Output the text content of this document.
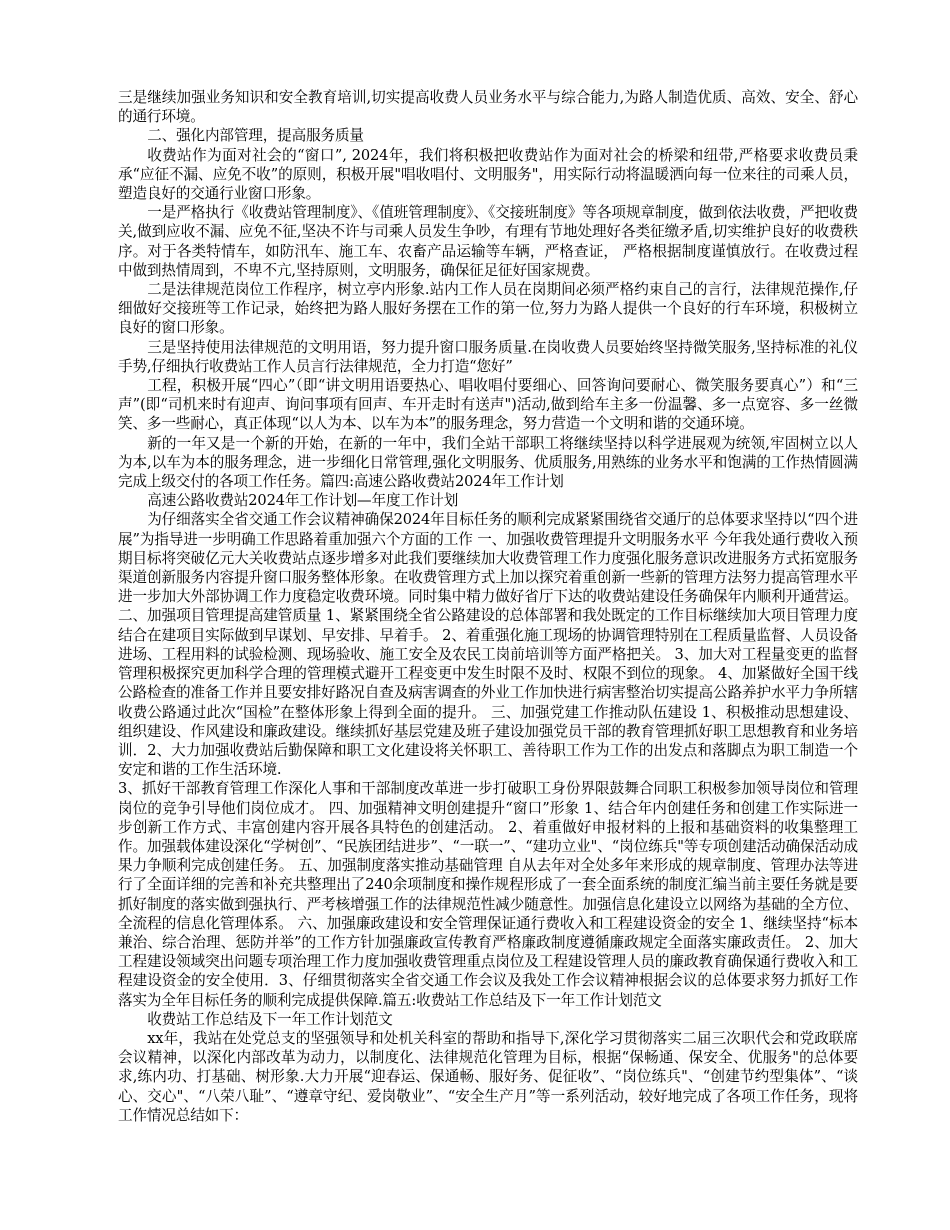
三是继续加强业务知识和安全教育培训,切实提高收费人员业务水平与综合能力,为路人制造优质、高效、安全、舒心的通行环境。

二、强化内部管理，提高服务质量

收费站作为面对社会的“窗口”, 2024年，我们将积极把收费站作为面对社会的桥梁和纽带,严格要求收费员秉承“应征不漏、应免不收”的原则，积极开展"唱收唱付、文明服务"，用实际行动将温暖洒向每一位来往的司乘人员，塑造良好的交通行业窗口形象。

一是严格执行《收费站管理制度》、《值班管理制度》、《交接班制度》等各项规章制度，做到依法收费，严把收费关,做到应收不漏、应免不征,坚决不许与司乘人员发生争吵，有理有节地处理好各类征缴矛盾,切实维护良好的收费秩序。对于各类特情车，如防汛车、施工车、农畜产品运输等车辆，严格查证， 严格根据制度谨慎放行。在收费过程中做到热情周到，不卑不亢,坚持原则，文明服务，确保征足征好国家规费。

二是法律规范岗位工作程序，树立亭内形象.站内工作人员在岗期间必须严格约束自己的言行，法律规范操作,仔细做好交接班等工作记录，始终把为路人服好务摆在工作的第一位,努力为路人提供一个良好的行车环境，积极树立良好的窗口形象。

三是坚持使用法律规范的文明用语，努力提升窗口服务质量.在岗收费人员要始终坚持微笑服务,坚持标准的礼仪手势,仔细执行收费站工作人员言行法律规范，全力打造“您好”

工程，积极开展“四心”（即“讲文明用语要热心、唱收唱付要细心、回答询问要耐心、微笑服务要真心”）和“三声”(即“司机来时有迎声、询问事项有回声、车开走时有送声")活动,做到给车主多一份温馨、多一点宽容、多一丝微笑、多一些耐心，真正体现“以人为本、以车为本”的服务理念，努力营造一个文明和谐的交通环境。

新的一年又是一个新的开始，在新的一年中，我们全站干部职工将继续坚持以科学进展观为统领,牢固树立以人为本,以车为本的服务理念，进一步细化日常管理,强化文明服务、优质服务,用熟练的业务水平和饱满的工作热情圆满完成上级交付的各项工作任务。篇四:高速公路收费站2024年工作计划

高速公路收费站2024年工作计划—年度工作计划

为仔细落实全省交通工作会议精神确保2024年目标任务的顺利完成紧紧围绕省交通厅的总体要求坚持以“四个进展”为指导进一步明确工作思路着重加强六个方面的工作 一、加强收费管理提升文明服务水平 今年我处通行费收入预期目标将突破亿元大关收费站点逐步增多对此我们要继续加大收费管理工作力度强化服务意识改进服务方式拓宽服务渠道创新服务内容提升窗口服务整体形象。在收费管理方式上加以探究着重创新一些新的管理方法努力提高管理水平进一步加大外部协调工作力度稳定收费环境。同时集中精力做好省厅下达的收费站建设任务确保年内顺利开通营运。 二、加强项目管理提高建管质量 1、紧紧围绕全省公路建设的总体部署和我处既定的工作目标继续加大项目管理力度结合在建项目实际做到早谋划、早安排、早着手。 2、着重强化施工现场的协调管理特别在工程质量监督、人员设备进场、工程用料的试验检测、现场验收、施工安全及农民工岗前培训等方面严格把关。 3、加大对工程量变更的监督管理积极探究更加科学合理的管理模式避开工程变更中发生时限不及时、权限不到位的现象。 4、加紧做好全国干线公路检查的准备工作并且要安排好路况自查及病害调查的外业工作加快进行病害整治切实提高公路养护水平力争所辖收费公路通过此次“国检”在整体形象上得到全面的提升。 三、加强党建工作推动队伍建设 1、积极推动思想建设、组织建设、作风建设和廉政建设。继续抓好基层党建及班子建设加强党员干部的教育管理抓好职工思想教育和业务培训．2、大力加强收费站后勤保障和职工文化建设将关怀职工、善待职工作为工作的出发点和落脚点为职工制造一个安定和谐的工作生活环境.

3、抓好干部教育管理工作深化人事和干部制度改革进一步打破职工身份界限鼓舞合同职工积极参加领导岗位和管理岗位的竞争引导他们岗位成才。 四、加强精神文明创建提升“窗口”形象 1、结合年内创建任务和创建工作实际进一步创新工作方式、丰富创建内容开展各具特色的创建活动。 2、着重做好申报材料的上报和基础资料的收集整理工作。加强载体建设深化“学树创”、“民族团结进步”、“一联一”、“建功立业"、“岗位练兵"等专项创建活动确保活动成果力争顺利完成创建任务。 五、加强制度落实推动基础管理 自从去年对全处多年来形成的规章制度、管理办法等进行了全面详细的完善和补充共整理出了240余项制度和操作规程形成了一套全面系统的制度汇编当前主要任务就是要抓好制度的落实做到强执行、严考核增强工作的法律规范性减少随意性。加强信息化建设立以网络为基础的全方位、全流程的信息化管理体系。 六、加强廉政建设和安全管理保证通行费收入和工程建设资金的安全 1、继续坚持“标本兼治、综合治理、惩防并举”的工作方针加强廉政宣传教育严格廉政制度遵循廉政规定全面落实廉政责任。 2、加大工程建设领域突出问题专项治理工作力度加强收费管理重点岗位及工程建设管理人员的廉政教育确保通行费收入和工程建设资金的安全使用．3、仔细贯彻落实全省交通工作会议及我处工作会议精神根据会议的总体要求努力抓好工作落实为全年目标任务的顺利完成提供保障.篇五:收费站工作总结及下一年工作计划范文

收费站工作总结及下一年工作计划范文

xx年，我站在处党总支的坚强领导和处机关科室的帮助和指导下,深化学习贯彻落实二届三次职代会和党政联席会议精神，以深化内部改革为动力，以制度化、法律规范化管理为目标，根据“保畅通、保安全、优服务"的总体要求,练内功、打基础、树形象.大力开展“迎春运、保通畅、服好务、促征收”、“岗位练兵"、“创建节约型集体”、“谈心、交心"、“八荣八耻”、“遵章守纪、爱岗敬业”、“安全生产月”等一系列活动，较好地完成了各项工作任务，现将工作情况总结如下：
